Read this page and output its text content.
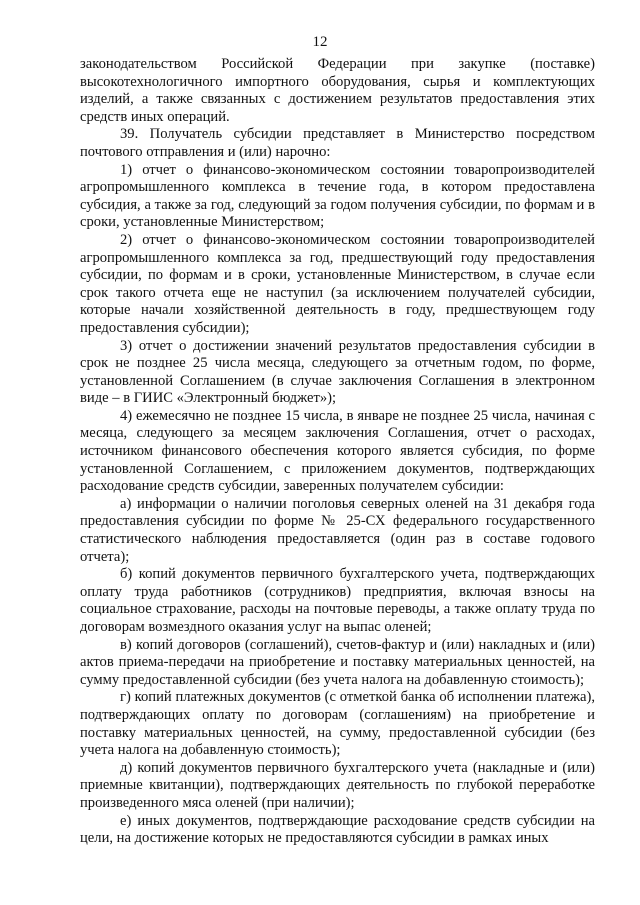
12

законодательством Российской Федерации при закупке (поставке) высокотехнологичного импортного оборудования, сырья и комплектующих изделий, а также связанных с достижением результатов предоставления этих средств иных операций.

39. Получатель субсидии представляет в Министерство посредством почтового отправления и (или) нарочно:

1) отчет о финансово-экономическом состоянии товаропроизводителей агропромышленного комплекса в течение года, в котором предоставлена субсидия, а также за год, следующий за годом получения субсидии, по формам и в сроки, установленные Министерством;

2) отчет о финансово-экономическом состоянии товаропроизводителей агропромышленного комплекса за год, предшествующий году предоставления субсидии, по формам и в сроки, установленные Министерством, в случае если срок такого отчета еще не наступил (за исключением получателей субсидии, которые начали хозяйственной деятельность в году, предшествующем году предоставления субсидии);

3) отчет о достижении значений результатов предоставления субсидии в срок не позднее 25 числа месяца, следующего за отчетным годом, по форме, установленной Соглашением (в случае заключения Соглашения в электронном виде – в ГИИС «Электронный бюджет»);

4) ежемесячно не позднее 15 числа, в январе не позднее 25 числа, начиная с месяца, следующего за месяцем заключения Соглашения, отчет о расходах, источником финансового обеспечения которого является субсидия, по форме установленной Соглашением, с приложением документов, подтверждающих расходование средств субсидии, заверенных получателем субсидии:

а) информации о наличии поголовья северных оленей на 31 декабря года предоставления субсидии по форме № 25-СХ федерального государственного статистического наблюдения предоставляется (один раз в составе годового отчета);

б) копий документов первичного бухгалтерского учета, подтверждающих оплату труда работников (сотрудников) предприятия, включая взносы на социальное страхование, расходы на почтовые переводы, а также оплату труда по договорам возмездного оказания услуг на выпас оленей;

в) копий договоров (соглашений), счетов-фактур и (или) накладных и (или) актов приема-передачи на приобретение и поставку материальных ценностей, на сумму предоставленной субсидии (без учета налога на добавленную стоимость);

г) копий платежных документов (с отметкой банка об исполнении платежа), подтверждающих оплату по договорам (соглашениям) на приобретение и поставку материальных ценностей, на сумму, предоставленной субсидии (без учета налога на добавленную стоимость);

д) копий документов первичного бухгалтерского учета (накладные и (или) приемные квитанции), подтверждающих деятельность по глубокой переработке произведенного мяса оленей (при наличии);

е) иных документов, подтверждающие расходование средств субсидии на цели, на достижение которых не предоставляются субсидии в рамках иных
